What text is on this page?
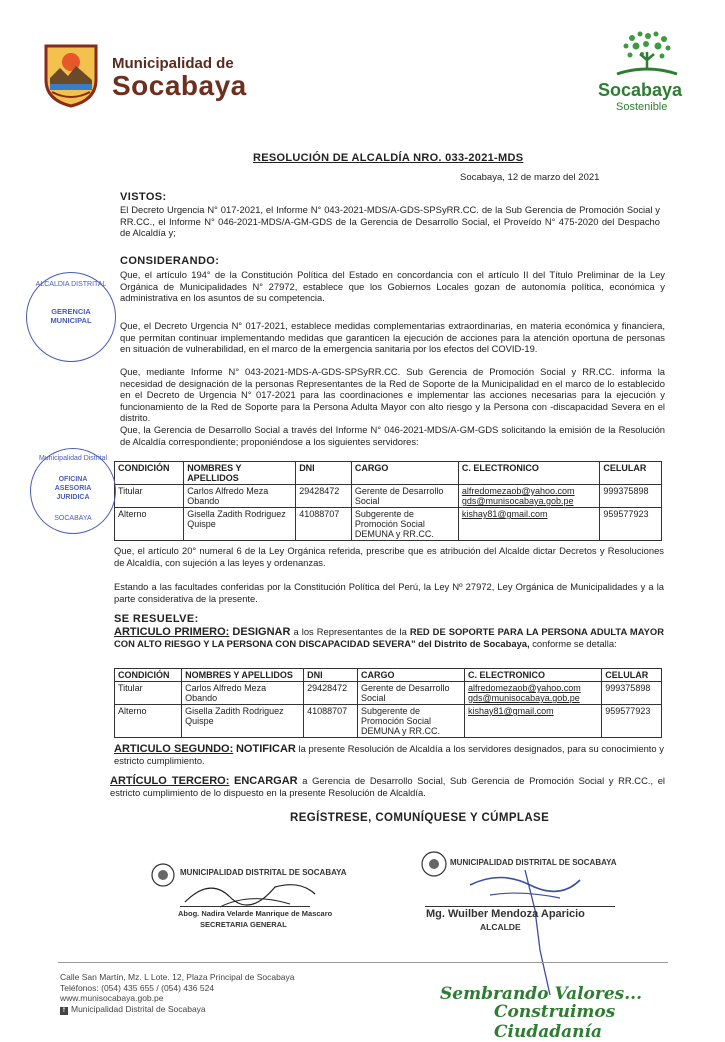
Municipalidad de
Socabaya	Socabaya
Sostenible
RESOLUCIÓN DE ALCALDÍA NRO. 033-2021-MDS
Socabaya, 12 de marzo del 2021
VISTOS:
El Decreto Urgencia N° 017-2021, el Informe N° 043-2021-MDS/A-GDS-SPSyRR.CC. de la Sub Gerencia de Promoción Social y RR.CC., el Informe N° 046-2021-MDS/A-GM-GDS de la Gerencia de Desarrollo Social, el Proveído N° 475-2020 del Despacho de Alcaldía y;
CONSIDERANDO:
Que, el artículo 194° de la Constitución Política del Estado en concordancia con el artículo II del Título Preliminar de la Ley Orgánica de Municipalidades N° 27972, establece que los Gobiernos Locales gozan de autonomía política, económica y administrativa en los asuntos de su competencia.
Que, el Decreto Urgencia N° 017-2021, establece medidas complementarias extraordinarias, en materia económica y financiera, que permitan continuar implementando medidas que garanticen la ejecución de acciones para la atención oportuna de personas en situación de vulnerabilidad, en el marco de la emergencia sanitaria por los efectos del COVID-19.
Que, mediante Informe N° 043-2021-MDS-A-GDS-SPSyRR.CC. Sub Gerencia de Promoción Social y RR.CC. informa la necesidad de designación de la personas Representantes de la Red de Soporte de la Municipalidad en el marco de lo establecido en el Decreto de Urgencia N° 017-2021 para las coordinaciones e implementar las acciones necesarias para la ejecución y funcionamiento de la Red de Soporte para la Persona Adulta Mayor con alto riesgo y la Persona con -discapacidad Severa en el distrito.
Que, la Gerencia de Desarrollo Social a través del Informe N° 046-2021-MDS/A-GM-GDS solicitando la emisión de la Resolución de Alcaldía correspondiente; proponiéndose a los siguientes servidores:
CONDICIÓN	NOMBRES Y APELLIDOS	DNI	CARGO	C. ELECTRONICO	CELULAR
Titular	Carlos Alfredo Meza Obando	29428472	Gerente de Desarrollo Social	alfredomezaob@yahoo.com
gds@munisocabaya.gob.pe	999375898
Alterno	Gisella Zadith Rodriguez Quispe	41088707	Subgerente de Promoción Social DEMUNA y RR.CC.	kishay81@gmail.com	959577923
Que, el artículo 20° numeral 6 de la Ley Orgánica referida, prescribe que es atribución del Alcalde dictar Decretos y Resoluciones de Alcaldía, con sujeción a las leyes y ordenanzas.
Estando a las facultades conferidas por la Constitución Política del Perú, la Ley Nº 27972, Ley Orgánica de Municipalidades y a la parte considerativa de la presente.
SE RESUELVE:
ARTICULO PRIMERO: DESIGNAR a los Representantes de la RED DE SOPORTE PARA LA PERSONA ADULTA MAYOR CON ALTO RIESGO Y LA PERSONA CON DISCAPACIDAD SEVERA" del Distrito de Socabaya, conforme se detalla:
CONDICIÓN	NOMBRES Y APELLIDOS	DNI	CARGO	C. ELECTRONICO	CELULAR
Titular	Carlos Alfredo Meza Obando	29428472	Gerente de Desarrollo Social	alfredomezaob@yahoo.com
gds@munisocabaya.gob.pe	999375898
Alterno	Gisella Zadith Rodriguez Quispe	41088707	Subgerente de Promoción Social DEMUNA y RR.CC.	kishay81@gmail.com	959577923
ARTICULO SEGUNDO: NOTIFICAR la presente Resolución de Alcaldía a los servidores designados, para su conocimiento y estricto cumplimiento.
ARTÍCULO TERCERO: ENCARGAR a Gerencia de Desarrollo Social, Sub Gerencia de Promoción Social y RR.CC., el estricto cumplimiento de lo dispuesto en la presente Resolución de Alcaldía.
REGÍSTRESE, COMUNÍQUESE Y CÚMPLASE
ALCALDIA DISTRITAL
GERENCIA MUNICIPAL
Municipalidad Distrital
OFICINA ASESORIA JURIDICA
SOCABAYA
MUNICIPALIDAD DISTRITAL DE SOCABAYA
Abog. Nadira Velarde Manrique de Mascaro
SECRETARIA GENERAL
MUNICIPALIDAD DISTRITAL DE SOCABAYA
Mg. Wuilber Mendoza Aparicio
ALCALDE
Calle San Martín, Mz. L Lote. 12, Plaza Principal de Socabaya
Teléfonos: (054) 435 655 / (054) 436 524
www.munisocabaya.gob.pe
f Municipalidad Distrital de Socabaya
Sembrando Valores...
Construimos Ciudadanía
